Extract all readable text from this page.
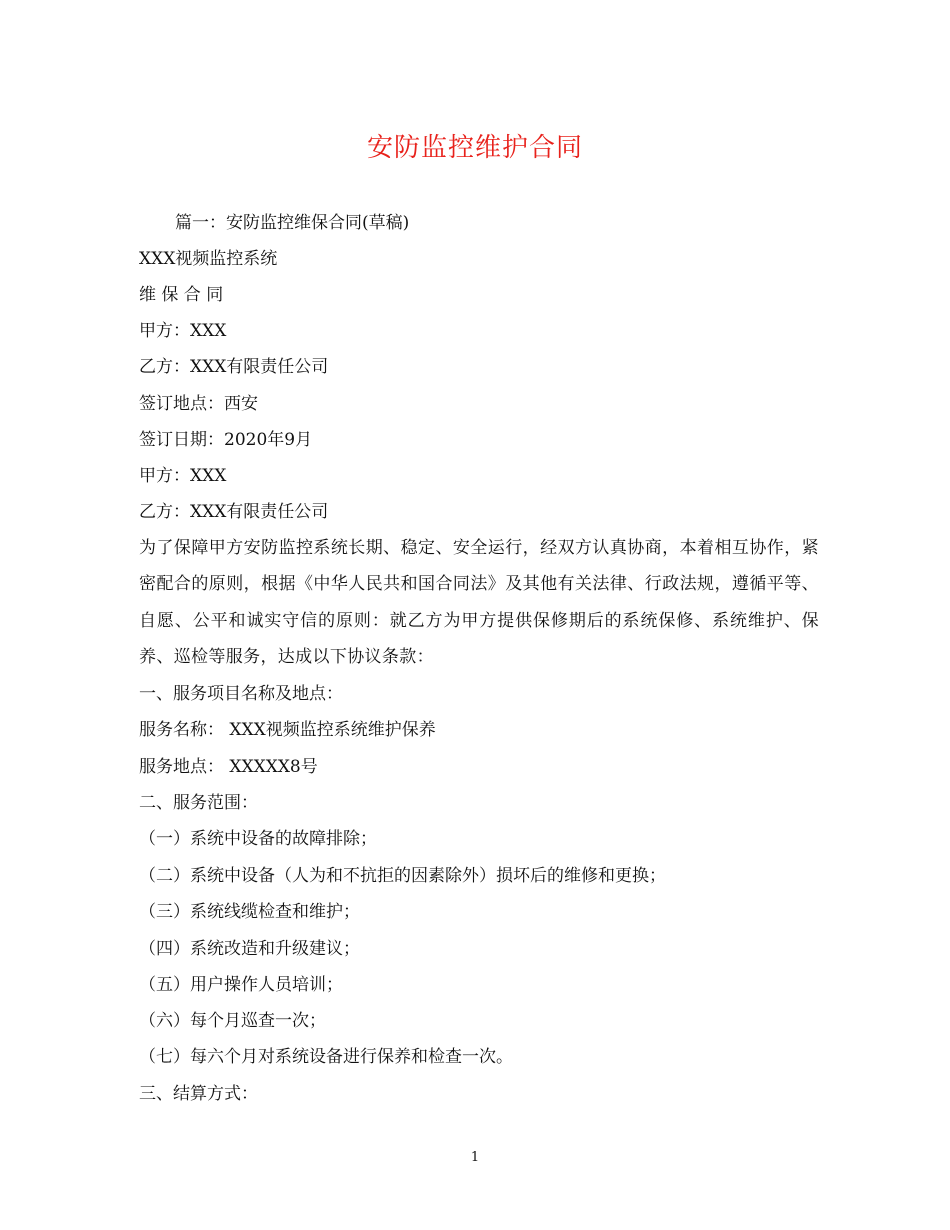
安防监控维护合同
篇一：安防监控维保合同(草稿)
XXX视频监控系统
维 保 合 同
甲方：XXX
乙方：XXX有限责任公司
签订地点：西安
签订日期：2020年9月
甲方：XXX
乙方：XXX有限责任公司
为了保障甲方安防监控系统长期、稳定、安全运行，经双方认真协商，本着相互协作，紧密配合的原则，根据《中华人民共和国合同法》及其他有关法律、行政法规，遵循平等、自愿、公平和诚实守信的原则：就乙方为甲方提供保修期后的系统保修、系统维护、保养、巡检等服务，达成以下协议条款：
一、服务项目名称及地点：
服务名称： XXX视频监控系统维护保养
服务地点： XXXXX8号
二、服务范围：
（一）系统中设备的故障排除；
（二）系统中设备（人为和不抗拒的因素除外）损坏后的维修和更换；
（三）系统线缆检查和维护；
（四）系统改造和升级建议；
（五）用户操作人员培训；
（六）每个月巡查一次；
（七）每六个月对系统设备进行保养和检查一次。
三、结算方式：
1
